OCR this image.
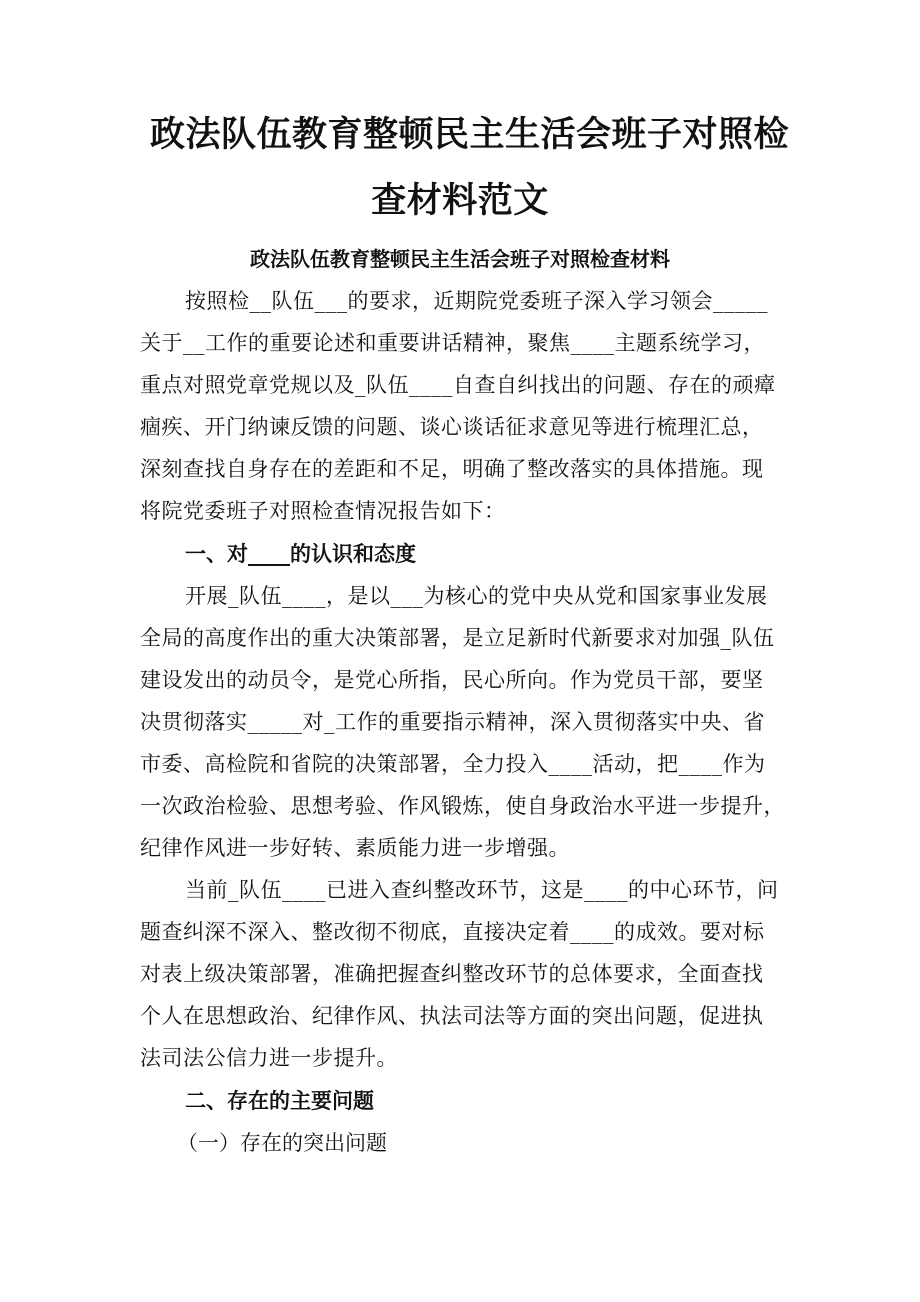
政法队伍教育整顿民主生活会班子对照检
查材料范文
政法队伍教育整顿民主生活会班子对照检查材料
按照检__队伍___的要求，近期院党委班子深入学习领会_____
关于__工作的重要论述和重要讲话精神，聚焦____主题系统学习，
重点对照党章党规以及_队伍____自查自纠找出的问题、存在的顽瘴
痼疾、开门纳谏反馈的问题、谈心谈话征求意见等进行梳理汇总，
深刻查找自身存在的差距和不足，明确了整改落实的具体措施。现
将院党委班子对照检查情况报告如下：
一、对____的认识和态度
开展_队伍____，是以___为核心的党中央从党和国家事业发展
全局的高度作出的重大决策部署，是立足新时代新要求对加强_队伍
建设发出的动员令，是党心所指，民心所向。作为党员干部，要坚
决贯彻落实_____对_工作的重要指示精神，深入贯彻落实中央、省
市委、高检院和省院的决策部署，全力投入____活动，把____作为
一次政治检验、思想考验、作风锻炼，使自身政治水平进一步提升，
纪律作风进一步好转、素质能力进一步增强。
当前_队伍____已进入查纠整改环节，这是____的中心环节，问
题查纠深不深入、整改彻不彻底，直接决定着____的成效。要对标
对表上级决策部署，准确把握查纠整改环节的总体要求，全面查找
个人在思想政治、纪律作风、执法司法等方面的突出问题，促进执
法司法公信力进一步提升。
二、存在的主要问题
（一）存在的突出问题
